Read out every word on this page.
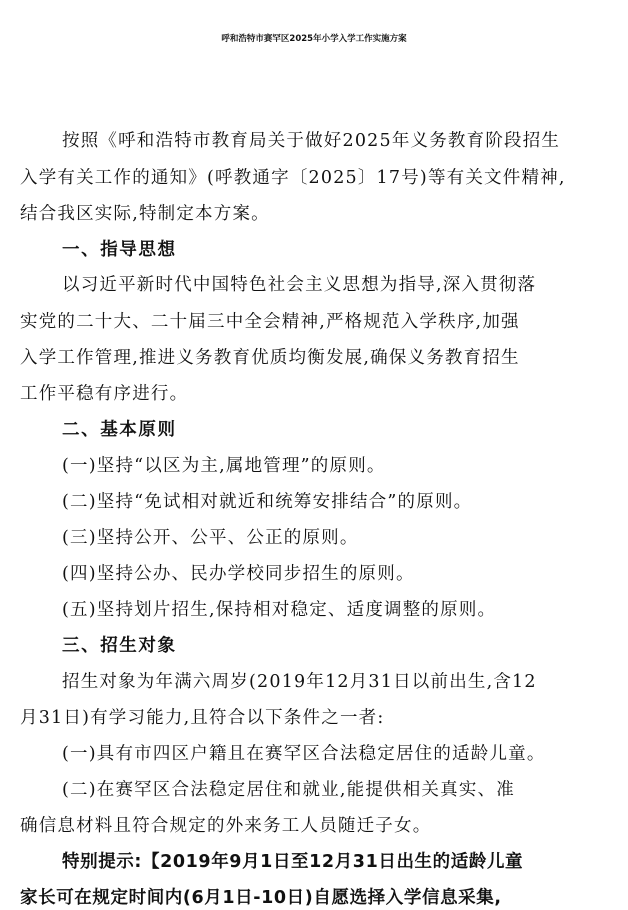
呼和浩特市赛罕区2025年小学入学工作实施方案
按照《呼和浩特市教育局关于做好2025年义务教育阶段招生
入学有关工作的通知》(呼教通字〔2025〕17号)等有关文件精神,
结合我区实际,特制定本方案。
一、指导思想
以习近平新时代中国特色社会主义思想为指导,深入贯彻落
实党的二十大、二十届三中全会精神,严格规范入学秩序,加强
入学工作管理,推进义务教育优质均衡发展,确保义务教育招生
工作平稳有序进行。
二、基本原则
(一)坚持“以区为主,属地管理”的原则。
(二)坚持“免试相对就近和统筹安排结合”的原则。
(三)坚持公开、公平、公正的原则。
(四)坚持公办、民办学校同步招生的原则。
(五)坚持划片招生,保持相对稳定、适度调整的原则。
三、招生对象
招生对象为年满六周岁(2019年12月31日以前出生,含12
月31日)有学习能力,且符合以下条件之一者:
(一)具有市四区户籍且在赛罕区合法稳定居住的适龄儿童。
(二)在赛罕区合法稳定居住和就业,能提供相关真实、准
确信息材料且符合规定的外来务工人员随迁子女。
特别提示:【2019年9月1日至12月31日出生的适龄儿童
家长可在规定时间内(6月1日-10日)自愿选择入学信息采集,
